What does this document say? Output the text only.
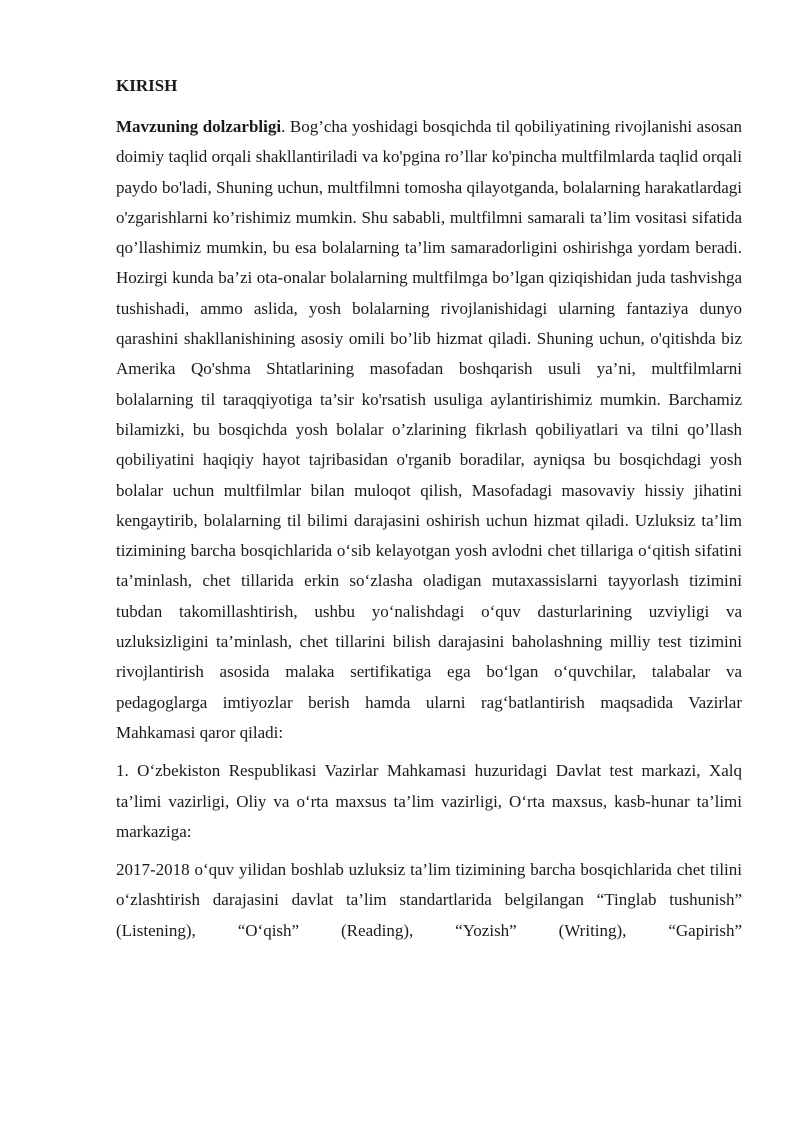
KIRISH

Mavzuning dolzarbligi. Bog’cha yoshidagi bosqichda til qobiliyatining rivojlanishi asosan doimiy taqlid orqali shakllantiriladi va ko'pgina ro’llar ko'pincha multfilmlarda taqlid orqali paydo bo'ladi, Shuning uchun, multfilmni tomosha qilayotganda, bolalarning harakatlardagi o'zgarishlarni ko’rishimiz mumkin. Shu sababli, multfilmni samarali ta’lim vositasi sifatida qo’llashimiz mumkin, bu esa bolalarning ta’lim samaradorligini oshirishga yordam beradi. Hozirgi kunda ba’zi ota-onalar bolalarning multfilmga bo’lgan qiziqishidan juda tashvishga tushishadi, ammo aslida, yosh bolalarning rivojlanishidagi ularning fantaziya dunyo qarashini shakllanishining asosiy omili bo’lib hizmat qiladi. Shuning uchun, o'qitishda biz Amerika Qo'shma Shtatlarining masofadan boshqarish usuli ya’ni, multfilmlarni bolalarning til taraqqiyotiga ta’sir ko'rsatish usuliga aylantirishimiz mumkin. Barchamiz bilamizki, bu bosqichda yosh bolalar o’zlarining fikrlash qobiliyatlari va tilni qo’llash qobiliyatini haqiqiy hayot tajribasidan o'rganib boradilar, ayniqsa bu bosqichdagi yosh bolalar uchun multfilmlar bilan muloqot qilish, Masofadagi masovaviy hissiy jihatini kengaytirib, bolalarning til bilimi darajasini oshirish uchun hizmat qiladi. Uzluksiz ta’lim tizimining barcha bosqichlarida o‘sib kelayotgan yosh avlodni chet tillariga o‘qitish sifatini ta’minlash, chet tillarida erkin so‘zlasha oladigan mutaxassislarni tayyorlash tizimini tubdan takomillashtirish, ushbu yo‘nalishdagi o‘quv dasturlarining uzviyligi va uzluksizligini ta’minlash, chet tillarini bilish darajasini baholashning milliy test tizimini rivojlantirish asosida malaka sertifikatiga ega bo‘lgan o‘quvchilar, talabalar va pedagoglarga imtiyozlar berish hamda ularni rag‘batlantirish maqsadida Vazirlar Mahkamasi qaror qiladi:

1. O‘zbekiston Respublikasi Vazirlar Mahkamasi huzuridagi Davlat test markazi, Xalq ta’limi vazirligi, Oliy va o‘rta maxsus ta’lim vazirligi, O‘rta maxsus, kasb-hunar ta’limi markaziga:

2017-2018 o‘quv yilidan boshlab uzluksiz ta’lim tizimining barcha bosqichlarida chet tilini o‘zlashtirish darajasini davlat ta’lim standartlarida belgilangan “Tinglab tushunish” (Listening), “O‘qish” (Reading), “Yozish” (Writing), “Gapirish”
